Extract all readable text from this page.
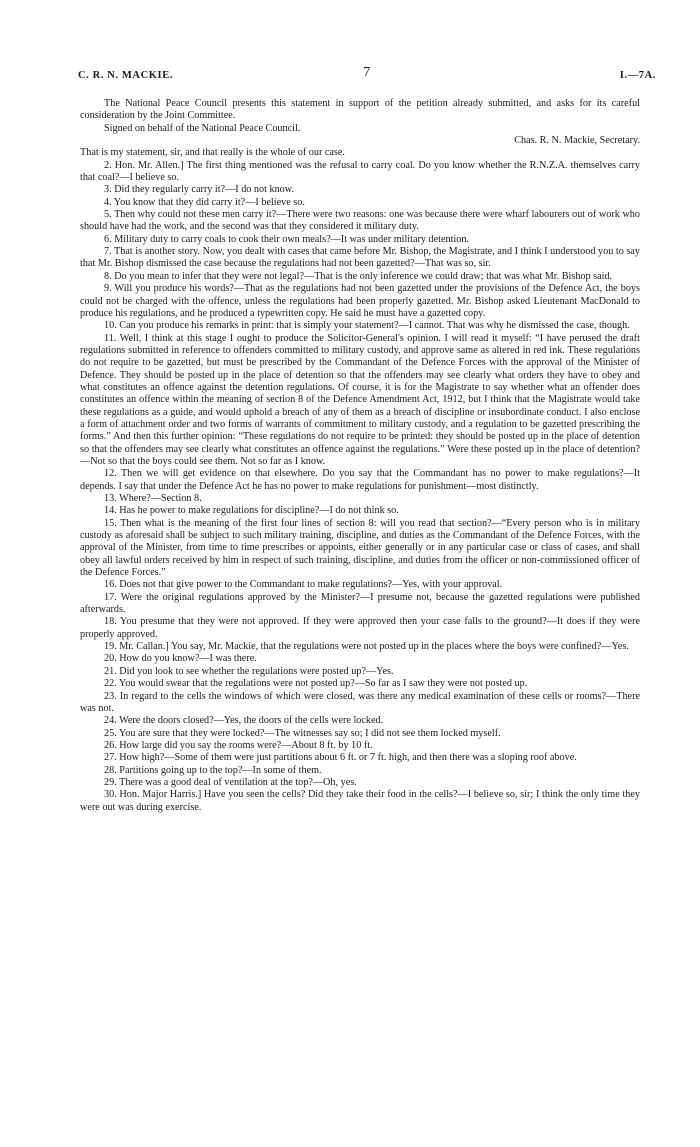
C. R. N. MACKIE.	7	I.—7A.

The National Peace Council presents this statement in support of the petition already submitted, and asks for its careful consideration by the Joint Committee.

Signed on behalf of the National Peace Council.

Chas. R. N. Mackie, Secretary.

That is my statement, sir, and that really is the whole of our case.

2. Hon. Mr. Allen.] The first thing mentioned was the refusal to carry coal. Do you know whether the R.N.Z.A. themselves carry that coal?—I believe so.

3. Did they regularly carry it?—I do not know.

4. You know that they did carry it?—I believe so.

5. Then why could not these men carry it?—There were two reasons: one was because there were wharf labourers out of work who should have had the work, and the second was that they considered it military duty.

6. Military duty to carry coals to cook their own meals?—It was under military detention.

7. That is another story. Now, you dealt with cases that came before Mr. Bishop, the Magistrate, and I think I understood you to say that Mr. Bishop dismissed the case because the regulations had not been gazetted?—That was so, sir.

8. Do you mean to infer that they were not legal?—That is the only inference we could draw; that was what Mr. Bishop said.

9. Will you produce his words?—That as the regulations had not been gazetted under the provisions of the Defence Act, the boys could not be charged with the offence, unless the regulations had been properly gazetted. Mr. Bishop asked Lieutenant MacDonald to produce his regulations, and he produced a typewritten copy. He said he must have a gazetted copy.

10. Can you produce his remarks in print: that is simply your statement?—I cannot. That was why he dismissed the case, though.

11. Well, I think at this stage I ought to produce the Solicitor-General's opinion. I will read it myself: “I have perused the draft regulations submitted in reference to offenders committed to military custody, and approve same as altered in red ink. These regulations do not require to be gazetted, but must be prescribed by the Commandant of the Defence Forces with the approval of the Minister of Defence. They should be posted up in the place of detention so that the offenders may see clearly what orders they have to obey and what constitutes an offence against the detention regulations. Of course, it is for the Magistrate to say whether what an offender does constitutes an offence within the meaning of section 8 of the Defence Amendment Act, 1912, but I think that the Magistrate would take these regulations as a guide, and would uphold a breach of any of them as a breach of discipline or insubordinate conduct. I also enclose a form of attachment order and two forms of warrants of commitment to military custody, and a regulation to be gazetted prescribing the forms.” And then this further opinion: “These regulations do not require to be printed: they should be posted up in the place of detention so that the offenders may see clearly what constitutes an offence against the regulations.” Were these posted up in the place of detention?—Not so that the boys could see them. Not so far as I know.

12. Then we will get evidence on that elsewhere. Do you say that the Commandant has no power to make regulations?—It depends. I say that under the Defence Act he has no power to make regulations for punishment—most distinctly.

13. Where?—Section 8.

14. Has he power to make regulations for discipline?—I do not think so.

15. Then what is the meaning of the first four lines of section 8: will you read that section?—“Every person who is in military custody as aforesaid shall be subject to such military training, discipline, and duties as the Commandant of the Defence Forces, with the approval of the Minister, from time to time prescribes or appoints, either generally or in any particular case or class of cases, and shall obey all lawful orders received by him in respect of such training, discipline, and duties from the officer or non-commissioned officer of the Defence Forces.”

16. Does not that give power to the Commandant to make regulations?—Yes, with your approval.

17. Were the original regulations approved by the Minister?—I presume not, because the gazetted regulations were published afterwards.

18. You presume that they were not approved. If they were approved then your case falls to the ground?—It does if they were properly approved.

19. Mr. Callan.] You say, Mr. Mackie, that the regulations were not posted up in the places where the boys were confined?—Yes.

20. How do you know?—I was there.

21. Did you look to see whether the regulations were posted up?—Yes.

22. You would swear that the regulations were not posted up?—So far as I saw they were not posted up.

23. In regard to the cells the windows of which were closed, was there any medical examination of these cells or rooms?—There was not.

24. Were the doors closed?—Yes, the doors of the cells were locked.

25. You are sure that they were locked?—The witnesses say so; I did not see them locked myself.

26. How large did you say the rooms were?—About 8 ft. by 10 ft.

27. How high?—Some of them were just partitions about 6 ft. or 7 ft. high, and then there was a sloping roof above.

28. Partitions going up to the top?—In some of them.

29. There was a good deal of ventilation at the top?—Oh, yes.

30. Hon. Major Harris.] Have you seen the cells? Did they take their food in the cells?—I believe so, sir; I think the only time they were out was during exercise.
